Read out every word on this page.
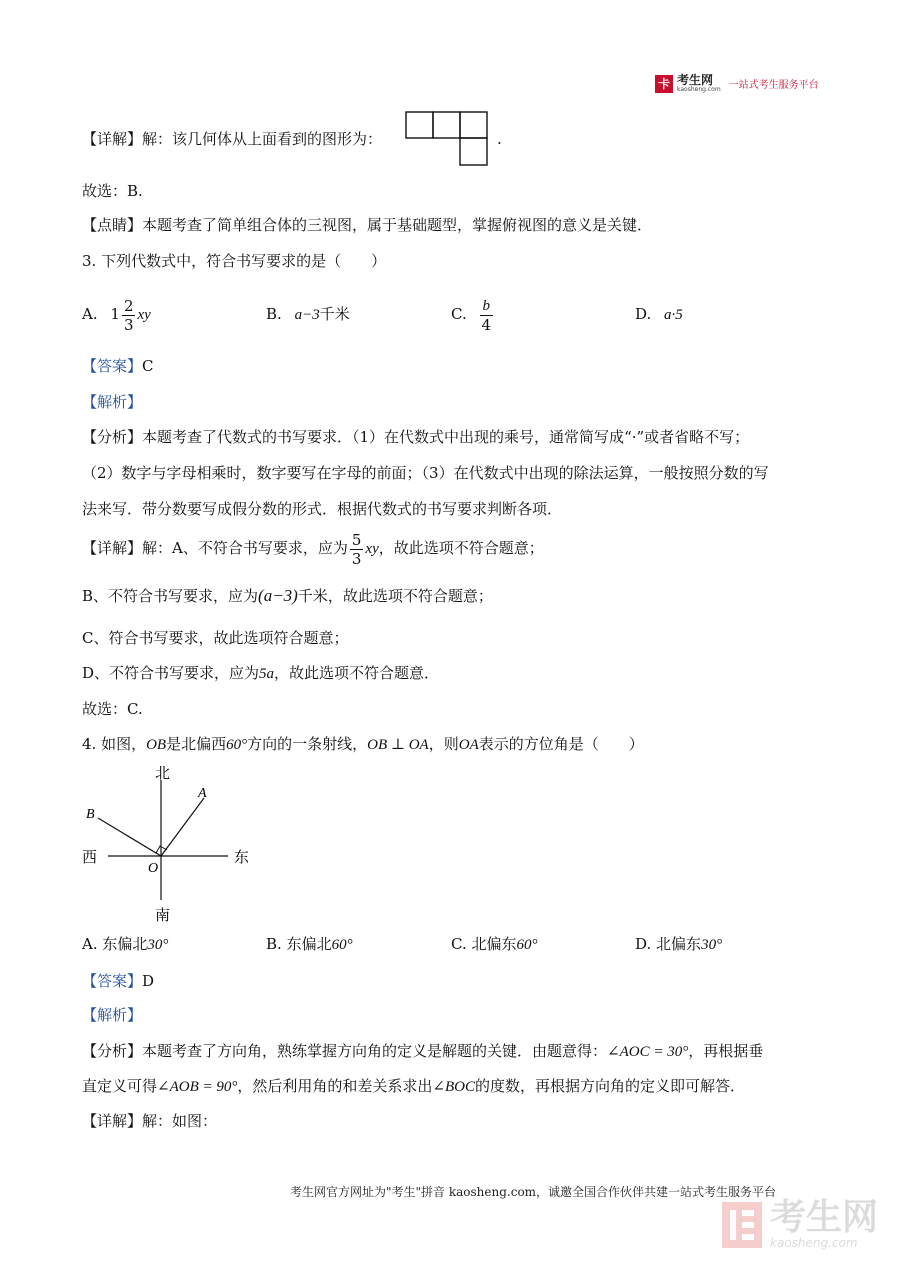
卡 考生网
kaosheng.com 一站式考生服务平台
【详解】解：该几何体从上面看到的图形为：	.
故选：B.
【点睛】本题考查了简单组合体的三视图，属于基础题型，掌握俯视图的意义是关键．
3. 下列代数式中，符合书写要求的是（　　）
A. $1 \frac{2}{3}$ xy	B. a−3千米	C. $\frac{b}{4}$	D. a·5
【答案】C
【解析】
【分析】本题考查了代数式的书写要求．（1）在代数式中出现的乘号，通常简写成“·”或者省略不写；
（2）数字与字母相乘时，数字要写在字母的前面；（3）在代数式中出现的除法运算，一般按照分数的写
法来写．带分数要写成假分数的形式．根据代数式的书写要求判断各项．
【详解】解：A、不符合书写要求，应为 $\frac{5}{3}$ xy，故此选项不符合题意；
B、不符合书写要求，应为(a−3)千米，故此选项不符合题意；
C、符合书写要求，故此选项符合题意；
D、不符合书写要求，应为5a，故此选项不符合题意．
故选：C.
4. 如图，OB是北偏西60°方向的一条射线，OB ⊥ OA，则OA表示的方位角是（　　）
北
南
西	东
A
B
O
A. 东偏北30°	B. 东偏北60°	C. 北偏东60°	D. 北偏东30°
【答案】D
【解析】
【分析】本题考查了方向角，熟练掌握方向角的定义是解题的关键．由题意得：∠AOC = 30°，再根据垂
直定义可得∠AOB = 90°，然后利用角的和差关系求出∠BOC的度数，再根据方向角的定义即可解答．
【详解】解：如图：
考生网官方网址为"考生"拼音 kaosheng.com，诚邀全国合作伙伴共建一站式考生服务平台
考生网
kaosheng.com
